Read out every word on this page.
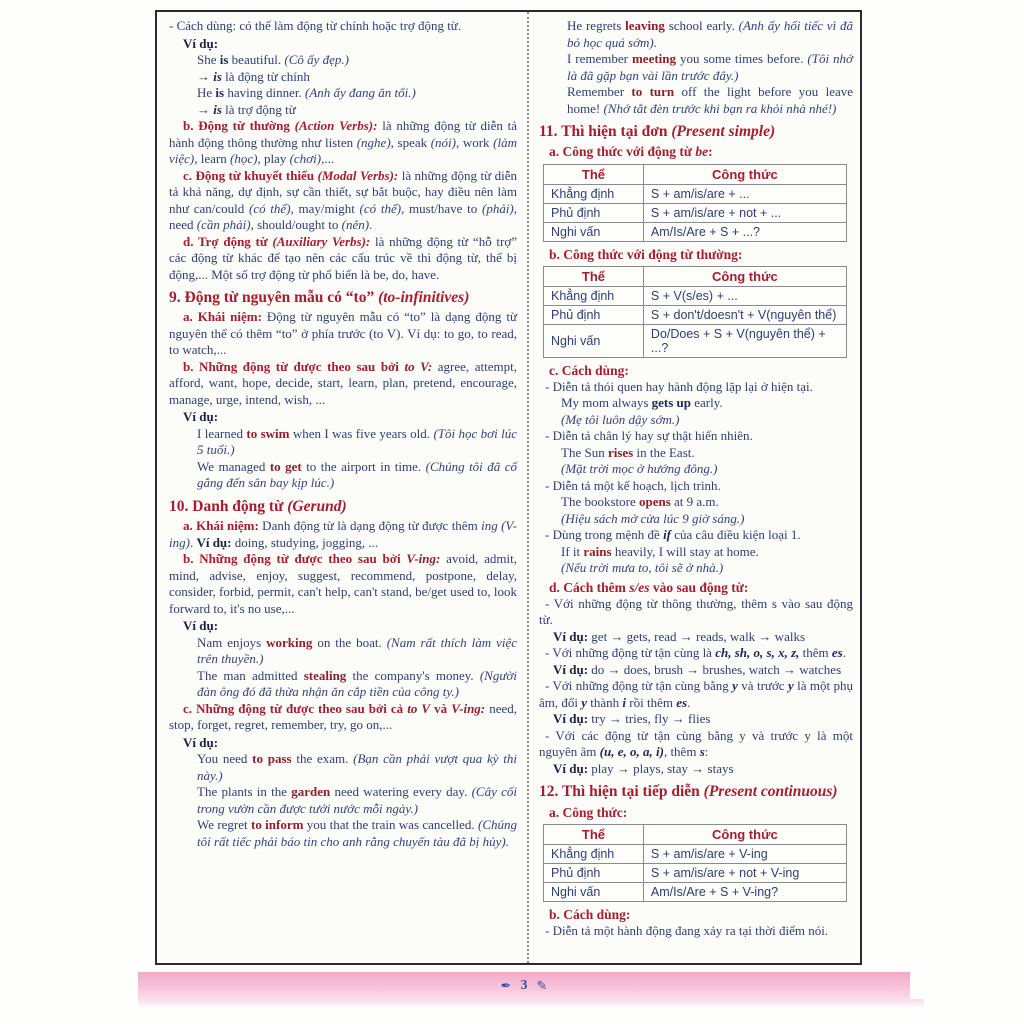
- Cách dùng: có thể làm động từ chính hoặc trợ động từ.

Ví dụ:

She is beautiful. (Cô ấy đẹp.)

→ is là động từ chính

He is having dinner. (Anh ấy đang ăn tối.)

→ is là trợ động từ

b. Động từ thường (Action Verbs): là những động từ diễn tả hành động thông thường như listen (nghe), speak (nói), work (làm việc), learn (học), play (chơi),...

c. Động từ khuyết thiếu (Modal Verbs): là những động từ diễn tả khả năng, dự định, sự cần thiết, sự bắt buộc, hay điều nên làm như can/could (có thể), may/might (có thể), must/have to (phải), need (cần phải), should/ought to (nên).

d. Trợ động từ (Auxiliary Verbs): là những động từ “hỗ trợ” các động từ khác để tạo nên các cấu trúc về thì động từ, thể bị động,... Một số trợ động từ phổ biến là be, do, have.

9. Động từ nguyên mẫu có “to” (to-infinitives)

a. Khái niệm: Động từ nguyên mẫu có “to” là dạng động từ nguyên thể có thêm “to” ở phía trước (to V). Ví dụ: to go, to read, to watch,...

b. Những động từ được theo sau bởi to V: agree, attempt, afford, want, hope, decide, start, learn, plan, pretend, encourage, manage, urge, intend, wish, ...

Ví dụ:

I learned to swim when I was five years old. (Tôi học bơi lúc 5 tuổi.)

We managed to get to the airport in time. (Chúng tôi đã cố gắng đến sân bay kịp lúc.)

10. Danh động từ (Gerund)

a. Khái niệm: Danh động từ là dạng động từ được thêm ing (V-ing). Ví dụ: doing, studying, jogging, ...

b. Những động từ được theo sau bởi V-ing: avoid, admit, mind, advise, enjoy, suggest, recommend, postpone, delay, consider, forbid, permit, can't help, can't stand, be/get used to, look forward to, it's no use,...

Ví dụ:

Nam enjoys working on the boat. (Nam rất thích làm việc trên thuyền.)

The man admitted stealing the company's money. (Người đàn ông đó đã thừa nhận ăn cắp tiền của công ty.)

c. Những động từ được theo sau bởi cả to V và V-ing: need, stop, forget, regret, remember, try, go on,...

Ví dụ:

You need to pass the exam. (Bạn cần phải vượt qua kỳ thi này.)

The plants in the garden need watering every day. (Cây cối trong vườn cần được tưới nước mỗi ngày.)

We regret to inform you that the train was cancelled. (Chúng tôi rất tiếc phải báo tin cho anh rằng chuyến tàu đã bị hủy).

He regrets leaving school early. (Anh ấy hối tiếc vì đã bỏ học quá sớm).

I remember meeting you some times before. (Tôi nhớ là đã gặp bạn vài lần trước đây.)

Remember to turn off the light before you leave home! (Nhớ tắt đèn trước khi bạn ra khỏi nhà nhé!)

11. Thì hiện tại đơn (Present simple)

a. Công thức với động từ be:

Thể	Công thức
Khẳng định	S + am/is/are + ...
Phủ định	S + am/is/are + not + ...
Nghi vấn	Am/Is/Are + S + ...?

b. Công thức với động từ thường:

Thể	Công thức
Khẳng định	S + V(s/es) + ...
Phủ định	S + don't/doesn't + V(nguyên thể)
Nghi vấn	Do/Does + S + V(nguyên thể) + ...?

c. Cách dùng:

- Diễn tả thói quen hay hành động lặp lại ở hiện tại.

My mom always gets up early.

(Mẹ tôi luôn dậy sớm.)

- Diễn tả chân lý hay sự thật hiển nhiên.

The Sun rises in the East.

(Mặt trời mọc ở hướng đông.)

- Diễn tả một kế hoạch, lịch trình.

The bookstore opens at 9 a.m.

(Hiệu sách mở cửa lúc 9 giờ sáng.)

- Dùng trong mệnh đề if của câu điều kiện loại 1.

If it rains heavily, I will stay at home.

(Nếu trời mưa to, tôi sẽ ở nhà.)

d. Cách thêm s/es vào sau động từ:

- Với những động từ thông thường, thêm s vào sau động từ.

Ví dụ: get → gets, read → reads, walk → walks

- Với những động từ tận cùng là ch, sh, o, s, x, z, thêm es.

Ví dụ: do → does, brush → brushes, watch → watches

- Với những động từ tận cùng bằng y và trước y là một phụ âm, đổi y thành i rồi thêm es.

Ví dụ: try → tries, fly → flies

- Với các động từ tận cùng bằng y và trước y là một nguyên âm (u, e, o, a, i), thêm s:

Ví dụ: play → plays, stay → stays

12. Thì hiện tại tiếp diễn (Present continuous)

a. Công thức:

Thể	Công thức
Khẳng định	S + am/is/are + V-ing
Phủ định	S + am/is/are + not + V-ing
Nghi vấn	Am/Is/Are + S + V-ing?

b. Cách dùng:

- Diễn tả một hành động đang xảy ra tại thời điểm nói.

✒ 3 ✎
